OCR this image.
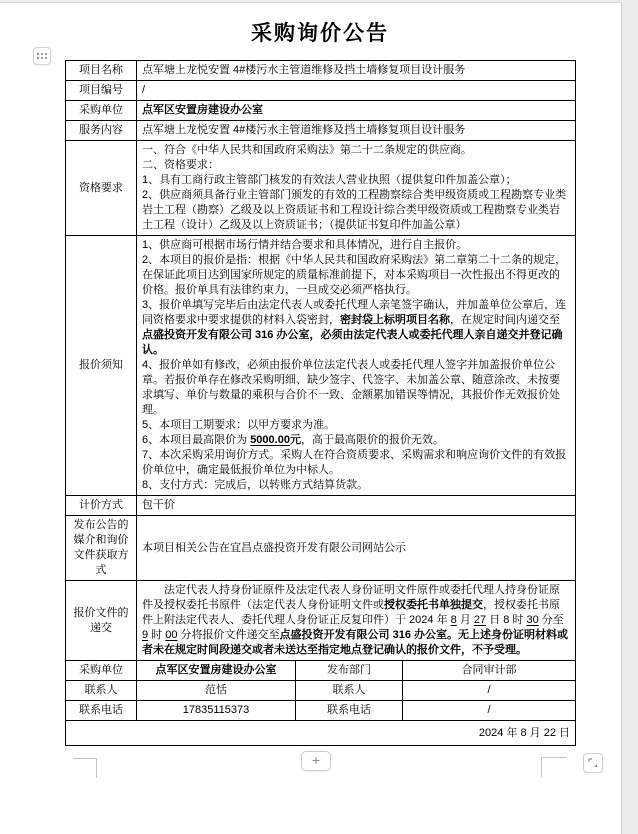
采购询价公告
项目名称	点军塘上龙悦安置 4#楼污水主管道维修及挡土墙修复项目设计服务		

项目编号	/		

采购单位	点军区安置房建设办公室		

服务内容	点军塘上龙悦安置 4#楼污水主管道维修及挡土墙修复项目设计服务		

资格要求	一、符合《中华人民共和国政府采购法》第二十二条规定的供应商。
二、资格要求：
1、具有工商行政主管部门核发的有效法人营业执照（提供复印件加盖公章）；
2、供应商须具备行业主管部门颁发的有效的工程勘察综合类甲级资质或工程勘察专业类岩土工程（勘察）乙级及以上资质证书和工程设计综合类甲级资质或工程勘察专业类岩土工程（设计）乙级及以上资质证书；（提供证书复印件加盖公章）		

报价须知	
1、供应商可根据市场行情并结合要求和具体情况，进行自主报价。
2、本项目的报价是指：根据《中华人民共和国政府采购法》第二章第二十二条的规定，在保证此项目达到国家所规定的质量标准前提下，对本采购项目一次性报出不得更改的价格。报价单具有法律约束力，一旦成交必须严格执行。
3、报价单填写完毕后由法定代表人或委托代理人亲笔签字确认，并加盖单位公章后，连同资格要求中要求提供的材料入袋密封，密封袋上标明项目名称，在规定时间内递交至点盛投资开发有限公司 316 办公室，必须由法定代表人或委托代理人亲自递交并登记确认。
4、报价单如有修改，必须由报价单位法定代表人或委托代理人签字并加盖报价单位公章。若报价单存在修改采购明细、缺少签字、代签字、未加盖公章、随意涂改、未按要求填写、单价与数量的乘积与合价不一致、金额累加错误等情况，其报价作无效报价处理。
5、本项目工期要求：以甲方要求为准。
6、本项目最高限价为 5000.00元，高于最高限价的报价无效。
7、本次采购采用询价方式。采购人在符合资质要求、采购需求和响应询价文件的有效报价单位中，确定最低报价单位为中标人。
8、支付方式：完成后，以转账方式结算货款。

计价方式	包干价		

发布公告的媒介和询价文件获取方式	本项目相关公告在宜昌点盛投资开发有限公司网站公示		

报价文件的递交	法定代表人持身份证原件及法定代表人身份证明文件原件或委托代理人持身份证原件及授权委托书原件（法定代表人身份证明文件或授权委托书单独提交，授权委托书原件上附法定代表人、委托代理人身份证正反复印件）于 2024 年 8 月 27 日 8 时 30 分至 9 时 00 分将报价文件递交至点盛投资开发有限公司 316 办公室。无上述身份证明材料或者未在规定时间段递交或者未送达至指定地点登记确认的报价文件，不予受理。		

采购单位	点军区安置房建设办公室	发布部门	合同审计部
联系人	范恬	联系人	/
联系电话	17835115373	联系电话	/
2024 年 8 月 22 日			
+
